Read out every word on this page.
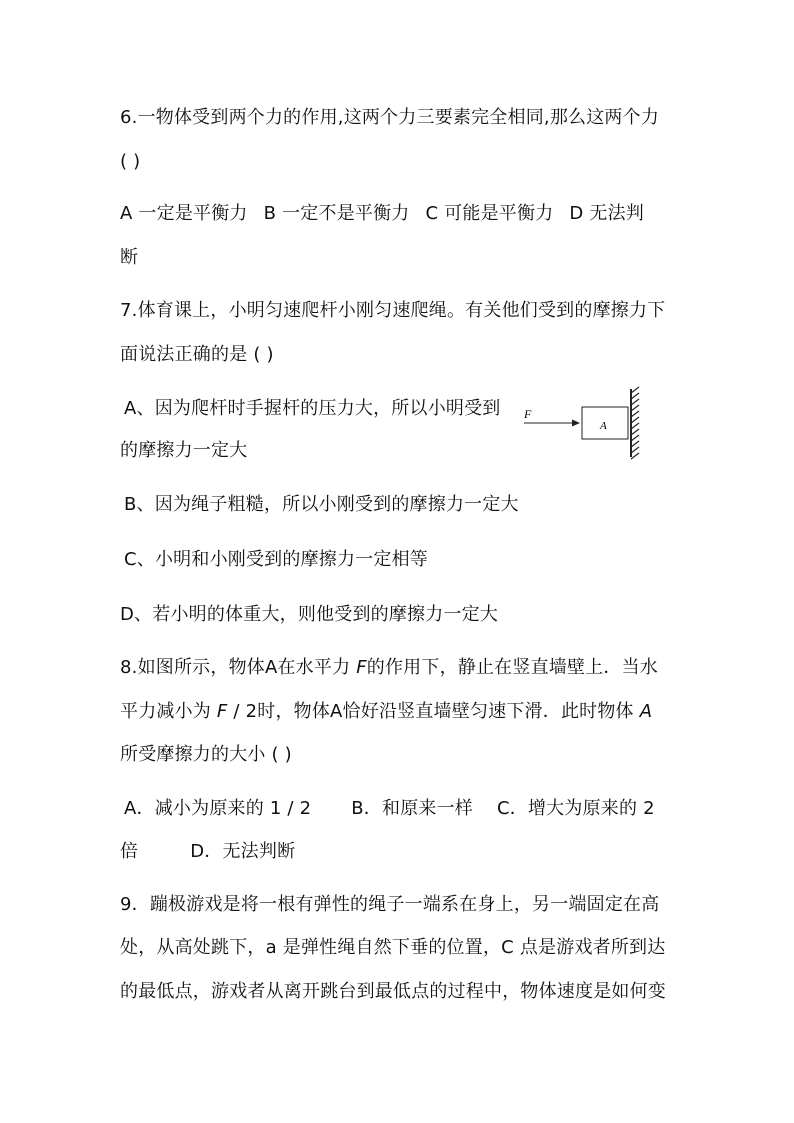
6.一物体受到两个力的作用,这两个力三要素完全相同,那么这两个力
( )
A 一定是平衡力 B 一定不是平衡力 C 可能是平衡力 D 无法判
断
7.体育课上，小明匀速爬杆小刚匀速爬绳。有关他们受到的摩擦力下
面说法正确的是 ( )
A、因为爬杆时手握杆的压力大，所以小明受到
的摩擦力一定大
F
A
B、因为绳子粗糙，所以小刚受到的摩擦力一定大
C、小明和小刚受到的摩擦力一定相等
D、若小明的体重大，则他受到的摩擦力一定大
8.如图所示，物体A在水平力 F的作用下，静止在竖直墙壁上．当水
平力减小为 F / 2时，物体A恰好沿竖直墙壁匀速下滑．此时物体 A
所受摩擦力的大小 ( )
A．减小为原来的 1 / 2 B．和原来一样 C．增大为原来的 2
倍	D．无法判断
9．蹦极游戏是将一根有弹性的绳子一端系在身上，另一端固定在高
处，从高处跳下，a 是弹性绳自然下垂的位置，C 点是游戏者所到达
的最低点，游戏者从离开跳台到最低点的过程中，物体速度是如何变
